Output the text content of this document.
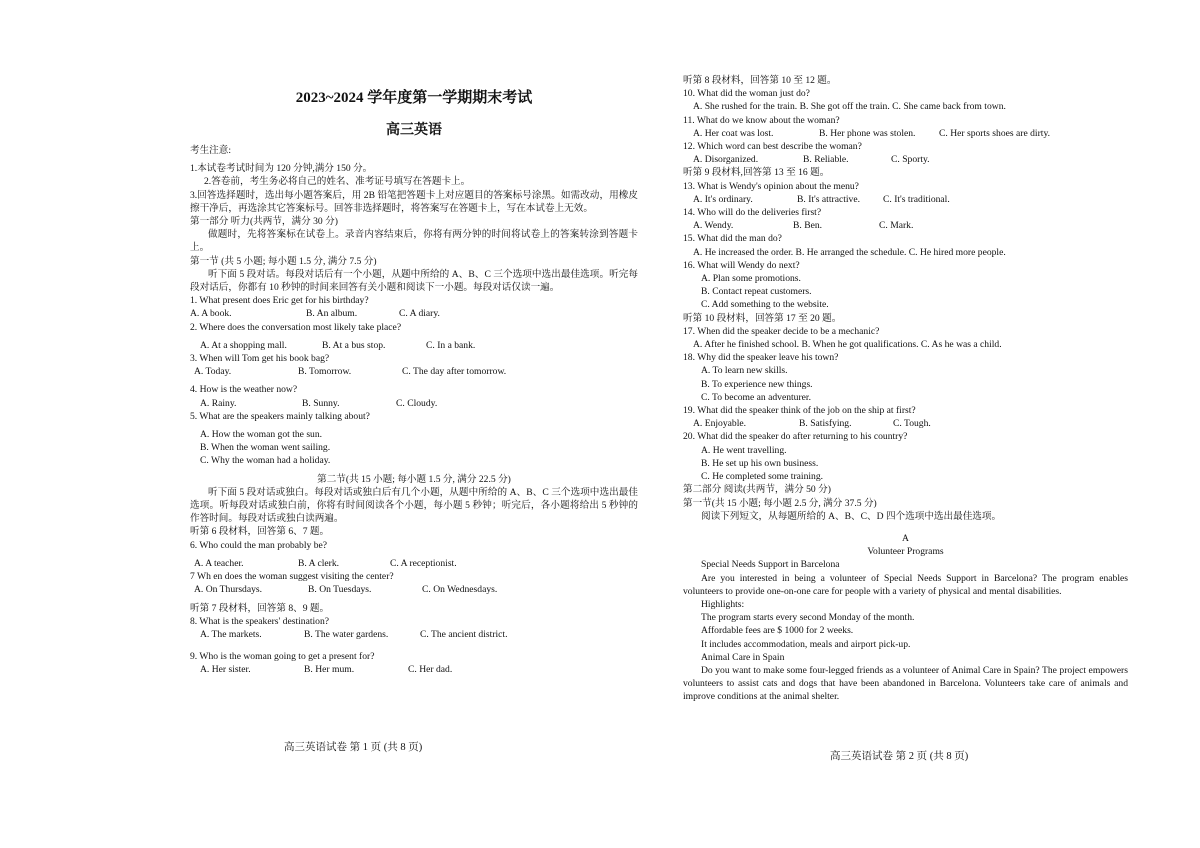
2023~2024 学年度第一学期期末考试
高三英语
考生注意:
1.本试卷考试时间为 120 分钟,满分 150 分。
2.答卷前，考生务必将自己的姓名、准考证号填写在答题卡上。
3.回答选择题时，选出每小题答案后，用 2B 铅笔把答题卡上对应题目的答案标号涂黑。如需改动，用橡皮擦干净后，再选涂其它答案标号。回答非选择题时，将答案写在答题卡上，写在本试卷上无效。
第一部分 听力(共两节，满分 30 分)
做题时，先将答案标在试卷上。录音内容结束后，你将有两分钟的时间将试卷上的答案转涂到答题卡上。
第一节 (共 5 小题; 每小题 1.5 分, 满分 7.5 分)
听下面 5 段对话。每段对话后有一个小题，从题中所给的 A、B、C 三个选项中选出最佳选项。听完每段对话后，你都有 10 秒钟的时间来回答有关小题和阅读下一小题。每段对话仅读一遍。
1. What present does Eric get for his birthday?
A. A book.	B. An album.	C. A diary.
2. Where does the conversation most likely take place?
A. At a shopping mall.	B. At a bus stop.	C. In a bank.
3. When will Tom get his book bag?
A. Today.	B. Tomorrow.	C. The day after tomorrow.
4. How is the weather now?
A. Rainy.	B. Sunny.	C. Cloudy.
5. What are the speakers mainly talking about?
A. How the woman got the sun.
B. When the woman went sailing.
C. Why the woman had a holiday.
第二节(共 15 小题; 每小题 1.5 分, 满分 22.5 分)
听下面 5 段对话或独白。每段对话或独白后有几个小题，从题中所给的 A、B、C 三个选项中选出最佳选项。听每段对话或独白前，你将有时间阅读各个小题，每小题 5 秒钟；听完后，各小题将给出 5 秒钟的作答时间。每段对话或独白读两遍。
听第 6 段材料，回答第 6、7 题。
6. Who could the man probably be?
A. A teacher.	B. A clerk.	C. A receptionist.
7 Wh en does the woman suggest visiting the center?
A. On Thursdays.	B. On Tuesdays.	C. On Wednesdays.
听第 7 段材料，回答第 8、9 题。
8. What is the speakers' destination?
A. The markets.	B. The water gardens.	C. The ancient district.
9. Who is the woman going to get a present for?
A. Her sister.	B. Her mum.	C. Her dad.
高三英语试卷 第 1 页 (共 8 页)
听第 8 段材料，回答第 10 至 12 题。
10. What did the woman just do?
A. She rushed for the train. B. She got off the train. C. She came back from town.
11. What do we know about the woman?
A. Her coat was lost.	B. Her phone was stolen. C. Her sports shoes are dirty.
12. Which word can best describe the woman?
A. Disorganized.	B. Reliable.	C. Sporty.
听第 9 段材料,回答第 13 至 16 题。
13. What is Wendy's opinion about the menu?
A. It's ordinary.	B. It's attractive. C. It's traditional.
14. Who will do the deliveries first?
A. Wendy.	B. Ben.	C. Mark.
15. What did the man do?
A. He increased the order. B. He arranged the schedule. C. He hired more people.
16. What will Wendy do next?
A. Plan some promotions.
B. Contact repeat customers.
C. Add something to the website.
听第 10 段材料，回答第 17 至 20 题。
17. When did the speaker decide to be a mechanic?
A. After he finished school. B. When he got qualifications. C. As he was a child.
18. Why did the speaker leave his town?
A. To learn new skills.
B. To experience new things.
C. To become an adventurer.
19. What did the speaker think of the job on the ship at first?
A. Enjoyable.	B. Satisfying.	C. Tough.
20. What did the speaker do after returning to his country?
A. He went travelling.
B. He set up his own business.
C. He completed some training.
第二部分 阅读(共两节，满分 50 分)
第一节(共 15 小题; 每小题 2.5 分, 满分 37.5 分)
阅读下列短文，从每题所给的 A、B、C、D 四个选项中选出最佳选项。
A
Volunteer Programs
Special Needs Support in Barcelona
Are you interested in being a volunteer of Special Needs Support in Barcelona? The program enables volunteers to provide one-on-one care for people with a variety of physical and mental disabilities.
Highlights:
The program starts every second Monday of the month.
Affordable fees are $ 1000 for 2 weeks.
It includes accommodation, meals and airport pick-up.
Animal Care in Spain
Do you want to make some four-legged friends as a volunteer of Animal Care in Spain? The project empowers volunteers to assist cats and dogs that have been abandoned in Barcelona. Volunteers take care of animals and improve conditions at the animal shelter.
高三英语试卷 第 2 页 (共 8 页)
